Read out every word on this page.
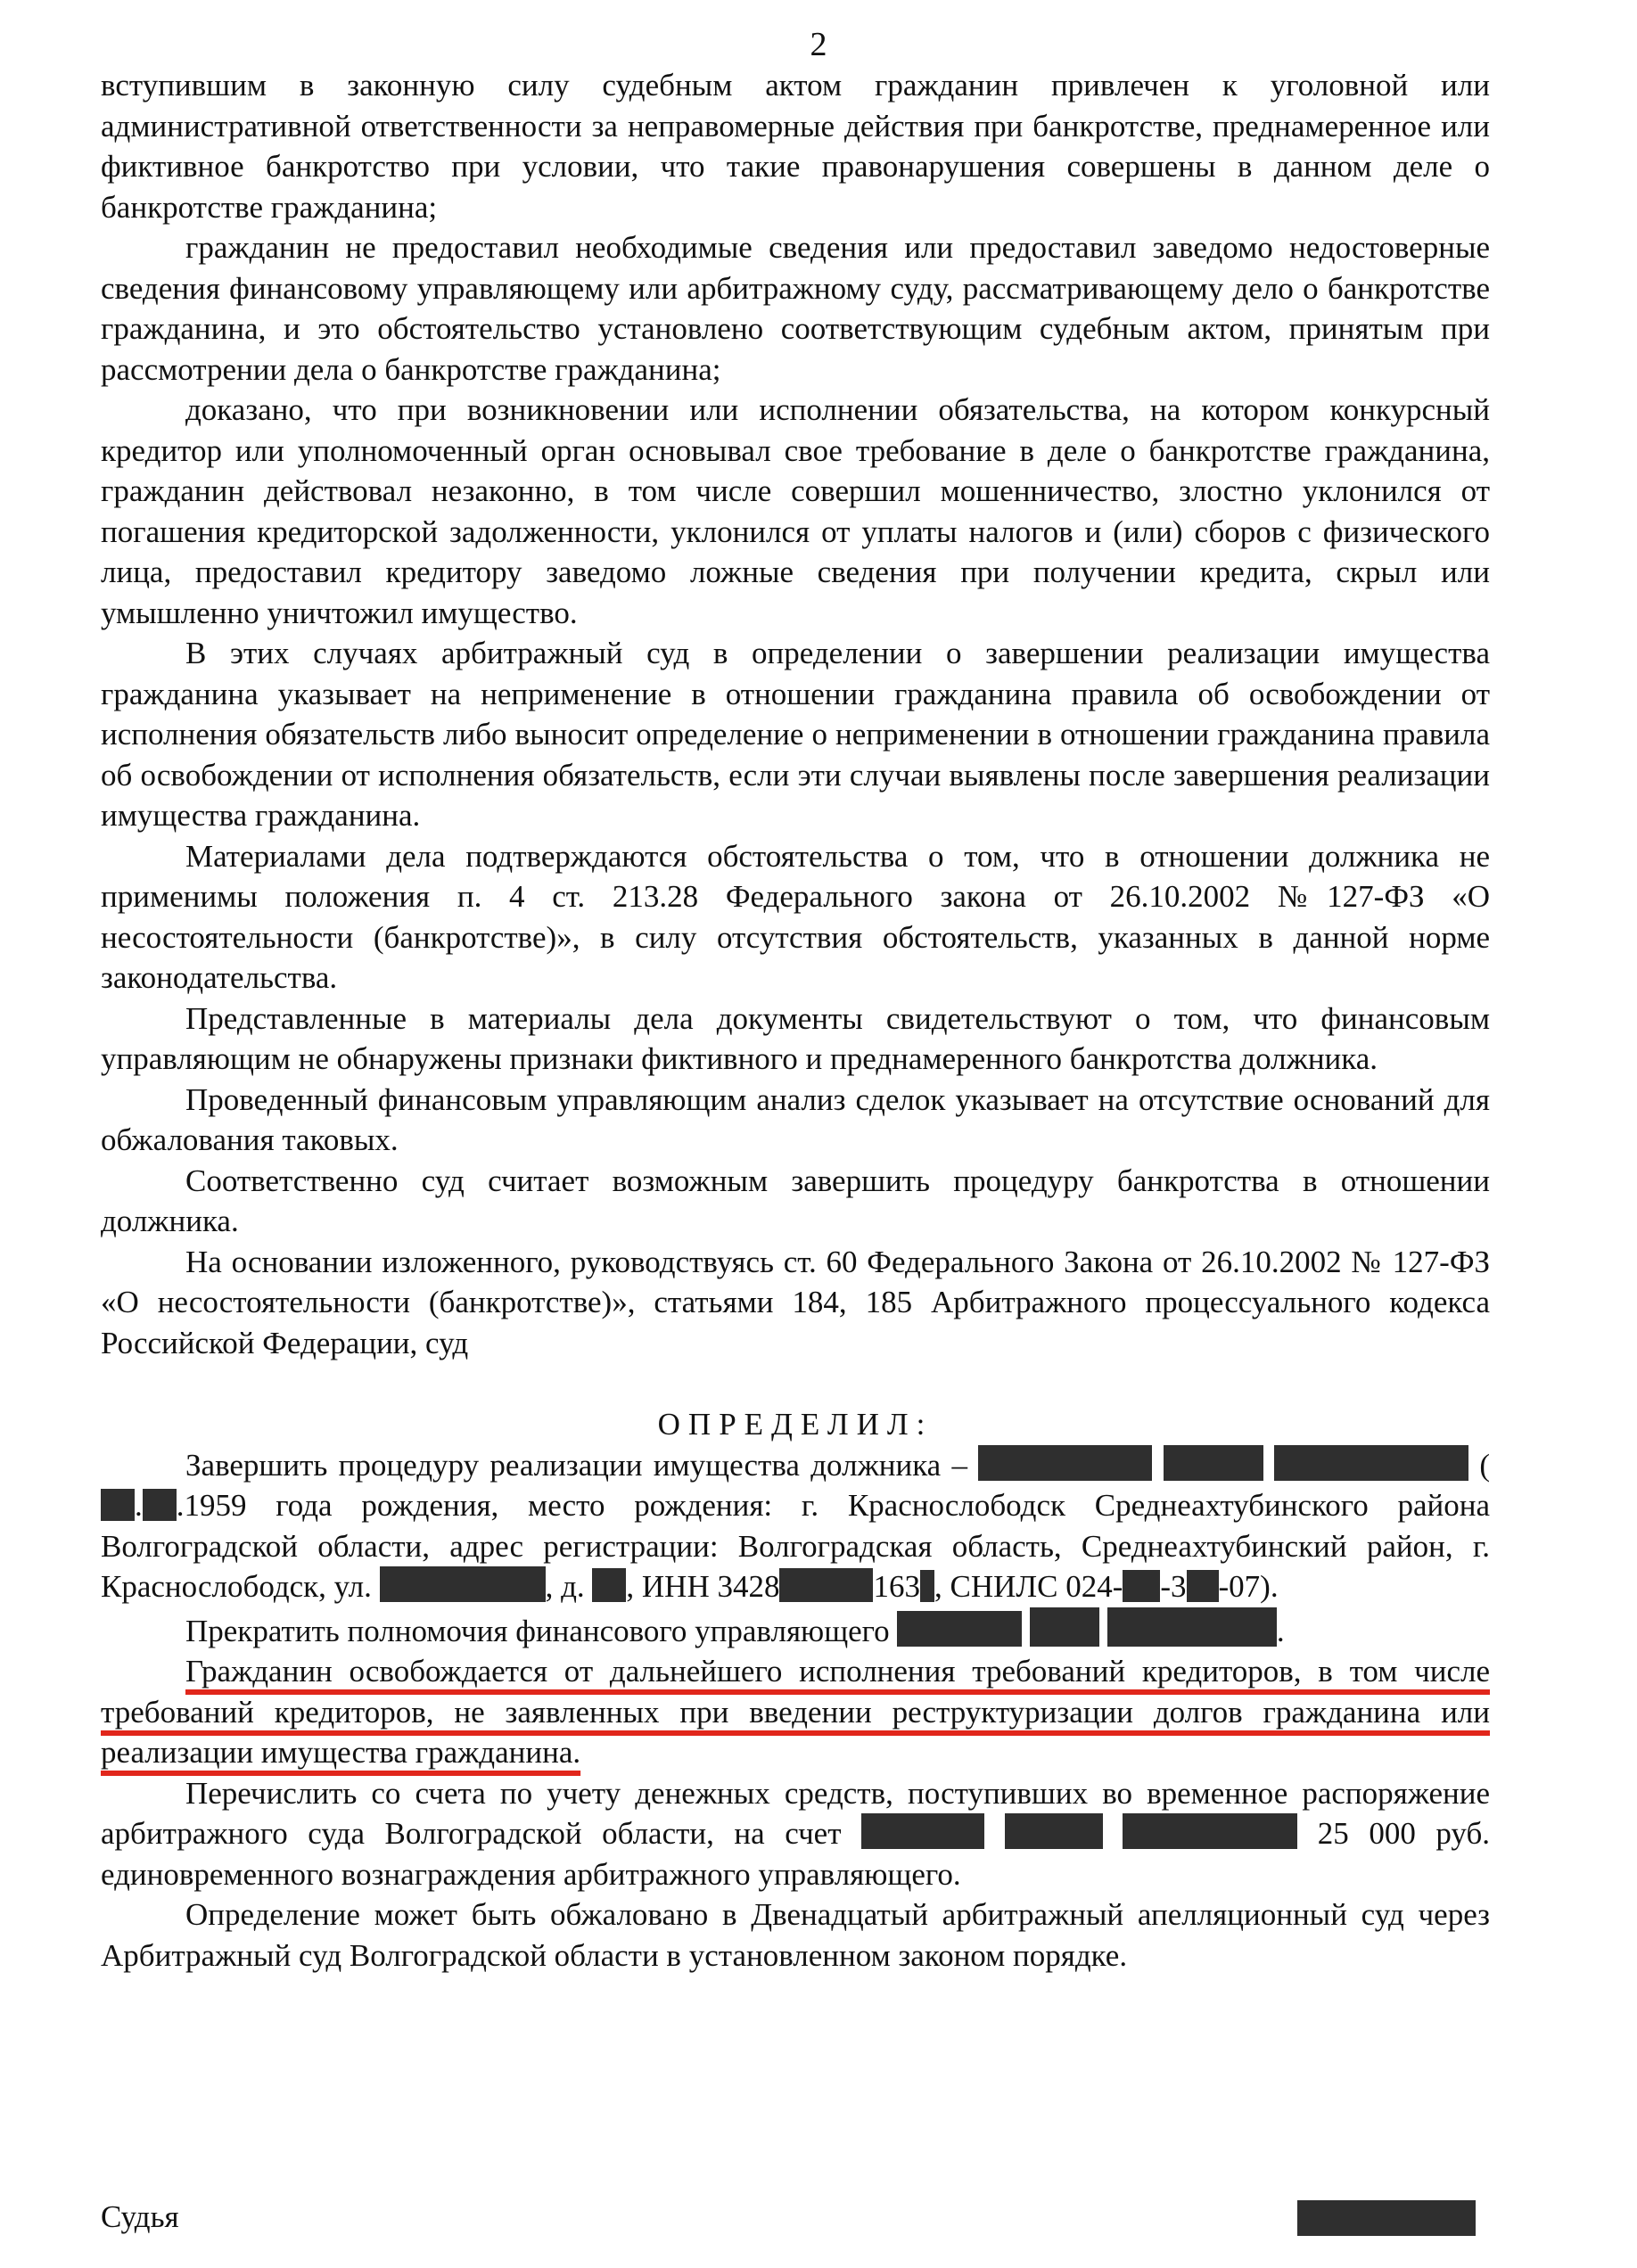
2

вступившим в законную силу судебным актом гражданин привлечен к уголовной или административной ответственности за неправомерные действия при банкротстве, преднамеренное или фиктивное банкротство при условии, что такие правонарушения совершены в данном деле о банкротстве гражданина;

гражданин не предоставил необходимые сведения или предоставил заведомо недостоверные сведения финансовому управляющему или арбитражному суду, рассматривающему дело о банкротстве гражданина, и это обстоятельство установлено соответствующим судебным актом, принятым при рассмотрении дела о банкротстве гражданина;

доказано, что при возникновении или исполнении обязательства, на котором конкурсный кредитор или уполномоченный орган основывал свое требование в деле о банкротстве гражданина, гражданин действовал незаконно, в том числе совершил мошенничество, злостно уклонился от погашения кредиторской задолженности, уклонился от уплаты налогов и (или) сборов с физического лица, предоставил кредитору заведомо ложные сведения при получении кредита, скрыл или умышленно уничтожил имущество.

В этих случаях арбитражный суд в определении о завершении реализации имущества гражданина указывает на неприменение в отношении гражданина правила об освобождении от исполнения обязательств либо выносит определение о неприменении в отношении гражданина правила об освобождении от исполнения обязательств, если эти случаи выявлены после завершения реализации имущества гражданина.

Материалами дела подтверждаются обстоятельства о том, что в отношении должника не применимы положения п. 4 ст. 213.28 Федерального закона от 26.10.2002 №127-ФЗ «О несостоятельности (банкротстве)», в силу отсутствия обстоятельств, указанных в данной норме законодательства.

Представленные в материалы дела документы свидетельствуют о том, что финансовым управляющим не обнаружены признаки фиктивного и преднамеренного банкротства должника.

Проведенный финансовым управляющим анализ сделок указывает на отсутствие оснований для обжалования таковых.

Соответственно суд считает возможным завершить процедуру банкротства в отношении должника.

На основании изложенного, руководствуясь ст. 60 Федерального Закона от 26.10.2002 № 127-ФЗ «О несостоятельности (банкротстве)», статьями 184, 185 Арбитражного процессуального кодекса Российской Федерации, суд

ОПРЕДЕЛИЛ:

Завершить процедуру реализации имущества должника –	(. .1959 года рождения, место рождения: г. Краснослободск Среднеахтубинского района Волгоградской области, адрес регистрации: Волгоградская область, Среднеахтубинский район, г. Краснослободск, ул.	, д. , ИНН 3428	163 , СНИЛС 024- -3 -07).

Прекратить полномочия финансового управляющего	.

Гражданин освобождается от дальнейшего исполнения требований кредиторов, в том числе требований кредиторов, не заявленных при введении реструктуризации долгов гражданина или реализации имущества гражданина.

Перечислить со счета по учету денежных средств, поступивших во временное распоряжение арбитражного суда Волгоградской области, на счет	25 000 руб. единовременного вознаграждения арбитражного управляющего.

Определение может быть обжаловано в Двенадцатый арбитражный апелляционный суд через Арбитражный суд Волгоградской области в установленном законом порядке.

Судья
